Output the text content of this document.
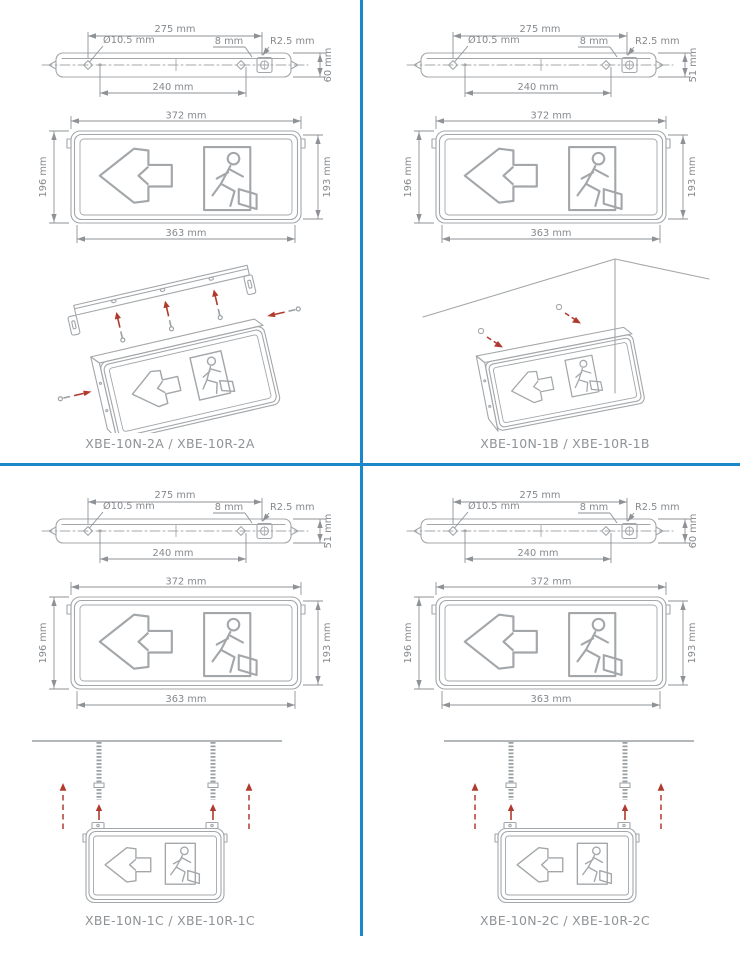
275 mm
Ø10.5 mm	8 mm	R2.5 mm
240 mm
60 mm

372 mm
196 mm	193 mm
363 mm
XBE-10N-2A / XBE-10R-2A
275 mm
Ø10.5 mm	8 mm	R2.5 mm
240 mm
51 mm

372 mm
196 mm	193 mm
363 mm
XBE-10N-1B / XBE-10R-1B
275 mm
Ø10.5 mm	8 mm	R2.5 mm
240 mm
51 mm

372 mm
196 mm	193 mm
363 mm
XBE-10N-1C / XBE-10R-1C
275 mm
Ø10.5 mm	8 mm	R2.5 mm
240 mm
60 mm

372 mm
196 mm	193 mm
363 mm
XBE-10N-2C / XBE-10R-2C
